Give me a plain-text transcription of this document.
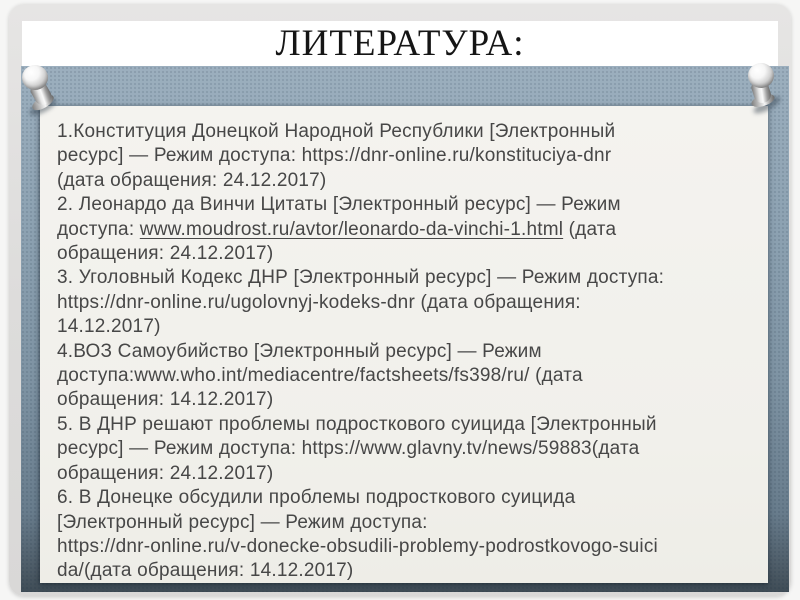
ЛИТЕРАТУРА:
1.Конституция Донецкой Народной Республики [Электронный
ресурс] — Режим доступа: https://dnr-online.ru/konstituciya-dnr
(дата обращения: 24.12.2017)
2. Леонардо да Винчи Цитаты [Электронный ресурс] — Режим
доступа: www.moudrost.ru/avtor/leonardo-da-vinchi-1.html (дата
обращения: 24.12.2017)
3. Уголовный Кодекс ДНР [Электронный ресурс] — Режим доступа:
https://dnr-online.ru/ugolovnyj-kodeks-dnr (дата обращения:
14.12.2017)
4.ВОЗ Самоубийство [Электронный ресурс] — Режим
доступа:www.who.int/mediacentre/factsheets/fs398/ru/ (дата
обращения: 14.12.2017)
5. В ДНР решают проблемы подросткового суицида [Электронный
ресурс] — Режим доступа: https://www.glavny.tv/news/59883(дата
обращения: 24.12.2017)
6. В Донецке обсудили проблемы подросткового суицида
[Электронный ресурс] — Режим доступа:
https://dnr-online.ru/v-donecke-obsudili-problemy-podrostkovogo-suici
da/(дата обращения: 14.12.2017)
